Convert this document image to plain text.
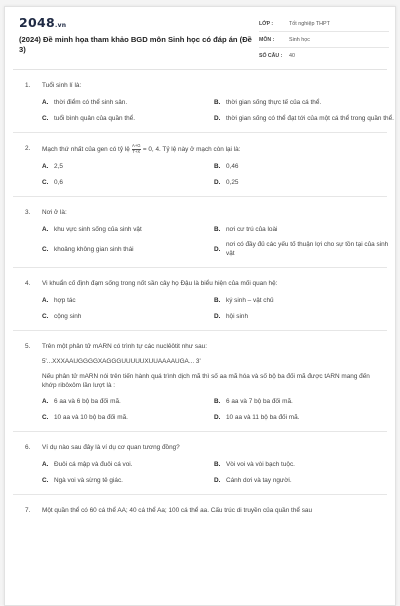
2048.vn
(2024) Đề minh họa tham khảo BGD môn Sinh học có đáp án (Đề 3)
LỚP :	Tốt nghiệp THPT
MÔN :	Sinh học
SỐ CÂU :	40
1.	Tuổi sinh lí là:
A. thời điểm có thể sinh sản.	B. thời gian sống thực tế của cá thể.
C. tuổi bình quân của quần thể.	D. thời gian sống có thể đạt tới của một cá thể trong quần thể.
2.	Mạch thứ nhất của gen có tỷ lệ $\frac{A+G}{T+X} = 0$, 4. Tỷ lệ này ở mạch còn lại là:
A. 2,5	B. 0,46
C. 0,6	D. 0,25
3.	Nơi ở là:
A. khu vực sinh sống của sinh vật	B. nơi cư trú của loài
C. khoảng không gian sinh thái	D.
nơi có đầy đủ các yếu tố thuận lợi cho sự tồn tại của sinh vật
4.	Vi khuẩn cố định đạm sống trong nốt sần cây họ Đậu là biểu hiện của mối quan hệ:
A. hợp tác	B. ký sinh – vật chủ
C. cộng sinh	D. hội sinh
5.	Trên một phân tử mARN có trình tự các nuclêôtit như sau:

5'...XXXAAUGGGGXAGGGUUUUUXUUAAAAUGA... 3'

Nếu phân tử mARN nói trên tiến hành quá trình dịch mã thì số aa mã hóa và số bộ ba đối mã được tARN mang đến khớp ribôxôm lần lượt là :

A. 6 aa và 6 bộ ba đối mã.	B. 6 aa và 7 bộ ba đối mã.
C. 10 aa và 10 bộ ba đối mã.	D. 10 aa và 11 bộ ba đối mã.
6.	Ví dụ nào sau đây là ví dụ cơ quan tương đồng?
A. Đuôi cá mập và đuôi cá voi.	B. Vòi voi và vòi bạch tuộc.
C. Ngà voi và sừng tê giác.	D. Cánh dơi và tay người.
7.	Một quần thể có 60 cá thể AA; 40 cá thể Aa; 100 cá thể aa. Cấu trúc di truyền của quần thể sau
